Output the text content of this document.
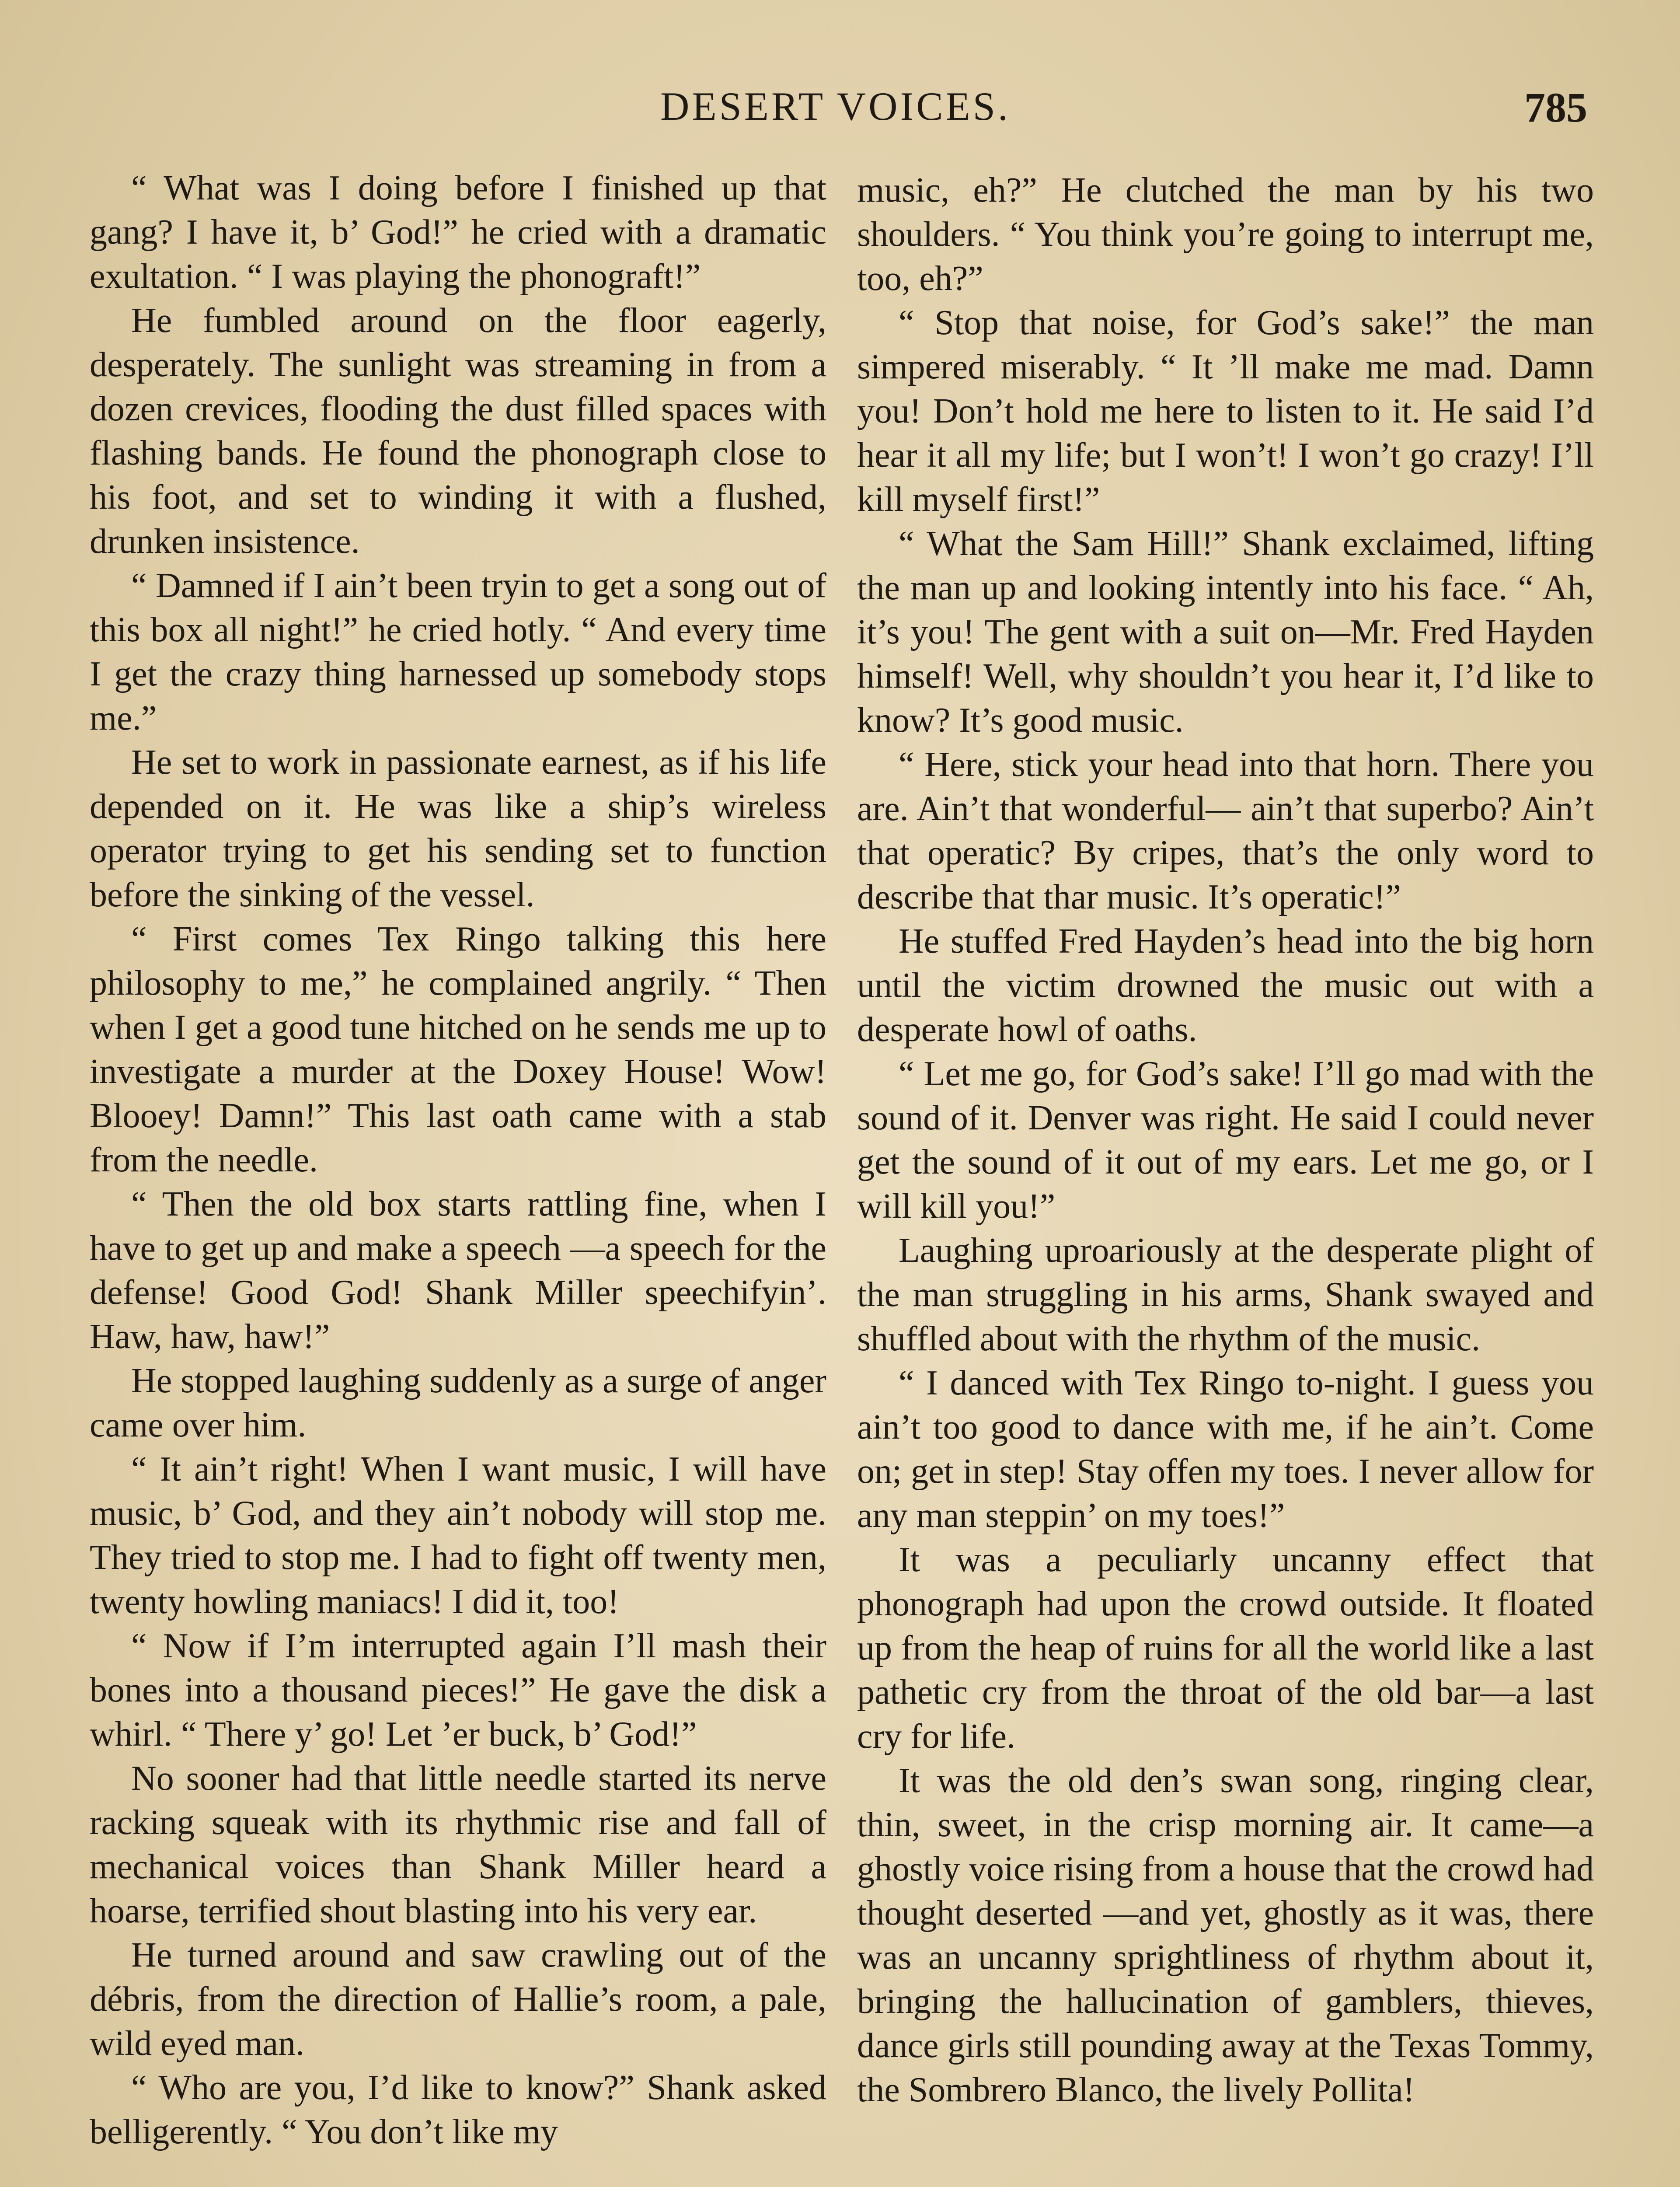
DESERT VOICES.	785

“ What was I doing before I finished up that gang? I have it, b’ God!” he cried with a dramatic exultation. “ I was playing the phonograft!”

He fumbled around on the floor eagerly, desperately. The sunlight was streaming in from a dozen crevices, flooding the dust filled spaces with flashing bands. He found the phonograph close to his foot, and set to winding it with a flushed, drunken insistence.

“ Damned if I ain’t been tryin to get a song out of this box all night!” he cried hotly. “ And every time I get the crazy thing harnessed up somebody stops me.”

He set to work in passionate earnest, as if his life depended on it. He was like a ship’s wireless operator trying to get his sending set to function before the sinking of the vessel.

“ First comes Tex Ringo talking this here philosophy to me,” he complained angrily. “ Then when I get a good tune hitched on he sends me up to investigate a murder at the Doxey House! Wow! Blooey! Damn!” This last oath came with a stab from the needle.

“ Then the old box starts rattling fine, when I have to get up and make a speech —a speech for the defense! Good God! Shank Miller speechifyin’. Haw, haw, haw!”

He stopped laughing suddenly as a surge of anger came over him.

“ It ain’t right! When I want music, I will have music, b’ God, and they ain’t nobody will stop me. They tried to stop me. I had to fight off twenty men, twenty howling maniacs! I did it, too!

“ Now if I’m interrupted again I’ll mash their bones into a thousand pieces!” He gave the disk a whirl. “ There y’ go! Let ’er buck, b’ God!”

No sooner had that little needle started its nerve racking squeak with its rhythmic rise and fall of mechanical voices than Shank Miller heard a hoarse, terrified shout blasting into his very ear.

He turned around and saw crawling out of the débris, from the direction of Hallie’s room, a pale, wild eyed man.

“ Who are you, I’d like to know?” Shank asked belligerently. “ You don’t like my

music, eh?” He clutched the man by his two shoulders. “ You think you’re going to interrupt me, too, eh?”

“ Stop that noise, for God’s sake!” the man simpered miserably. “ It ’ll make me mad. Damn you! Don’t hold me here to listen to it. He said I’d hear it all my life; but I won’t! I won’t go crazy! I’ll kill myself first!”

“ What the Sam Hill!” Shank exclaimed, lifting the man up and looking intently into his face. “ Ah, it’s you! The gent with a suit on—Mr. Fred Hayden himself! Well, why shouldn’t you hear it, I’d like to know? It’s good music.

“ Here, stick your head into that horn. There you are. Ain’t that wonderful— ain’t that superbo? Ain’t that operatic? By cripes, that’s the only word to describe that thar music. It’s operatic!”

He stuffed Fred Hayden’s head into the big horn until the victim drowned the music out with a desperate howl of oaths.

“ Let me go, for God’s sake! I’ll go mad with the sound of it. Denver was right. He said I could never get the sound of it out of my ears. Let me go, or I will kill you!”

Laughing uproariously at the desperate plight of the man struggling in his arms, Shank swayed and shuffled about with the rhythm of the music.

“ I danced with Tex Ringo to-night. I guess you ain’t too good to dance with me, if he ain’t. Come on; get in step! Stay offen my toes. I never allow for any man steppin’ on my toes!”

It was a peculiarly uncanny effect that phonograph had upon the crowd outside. It floated up from the heap of ruins for all the world like a last pathetic cry from the throat of the old bar—a last cry for life.

It was the old den’s swan song, ringing clear, thin, sweet, in the crisp morning air. It came—a ghostly voice rising from a house that the crowd had thought deserted —and yet, ghostly as it was, there was an uncanny sprightliness of rhythm about it, bringing the hallucination of gamblers, thieves, dance girls still pounding away at the Texas Tommy, the Sombrero Blanco, the lively Pollita!
